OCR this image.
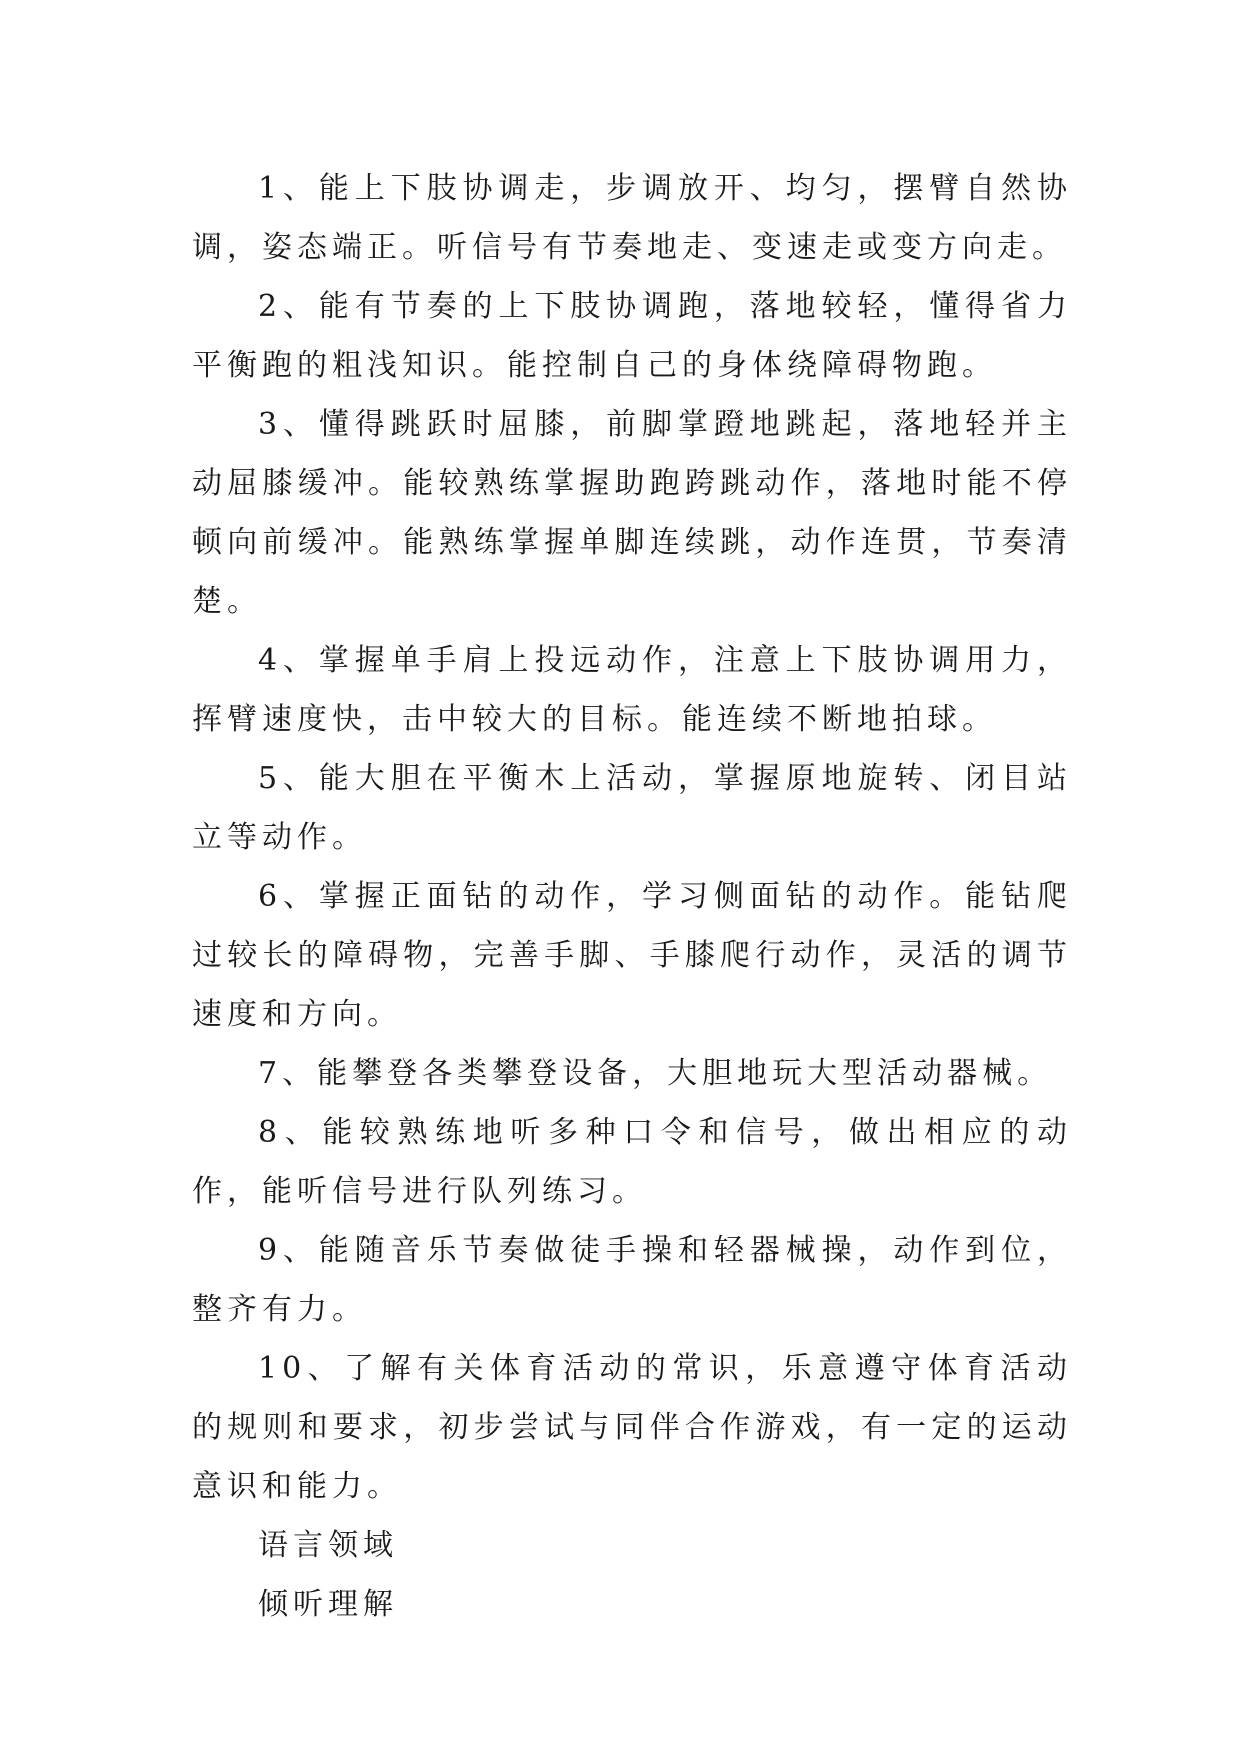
1、能上下肢协调走，步调放开、均匀，摆臂自然协调，姿态端正。听信号有节奏地走、变速走或变方向走。

2、能有节奏的上下肢协调跑，落地较轻，懂得省力平衡跑的粗浅知识。能控制自己的身体绕障碍物跑。

3、懂得跳跃时屈膝，前脚掌蹬地跳起，落地轻并主动屈膝缓冲。能较熟练掌握助跑跨跳动作，落地时能不停顿向前缓冲。能熟练掌握单脚连续跳，动作连贯，节奏清楚。

4、掌握单手肩上投远动作，注意上下肢协调用力，挥臂速度快，击中较大的目标。能连续不断地拍球。

5、能大胆在平衡木上活动，掌握原地旋转、闭目站立等动作。

6、掌握正面钻的动作，学习侧面钻的动作。能钻爬过较长的障碍物，完善手脚、手膝爬行动作，灵活的调节速度和方向。

7、能攀登各类攀登设备，大胆地玩大型活动器械。

8、能较熟练地听多种口令和信号，做出相应的动作，能听信号进行队列练习。

9、能随音乐节奏做徒手操和轻器械操，动作到位，整齐有力。

10、了解有关体育活动的常识，乐意遵守体育活动的规则和要求，初步尝试与同伴合作游戏，有一定的运动意识和能力。

语言领域

倾听理解
